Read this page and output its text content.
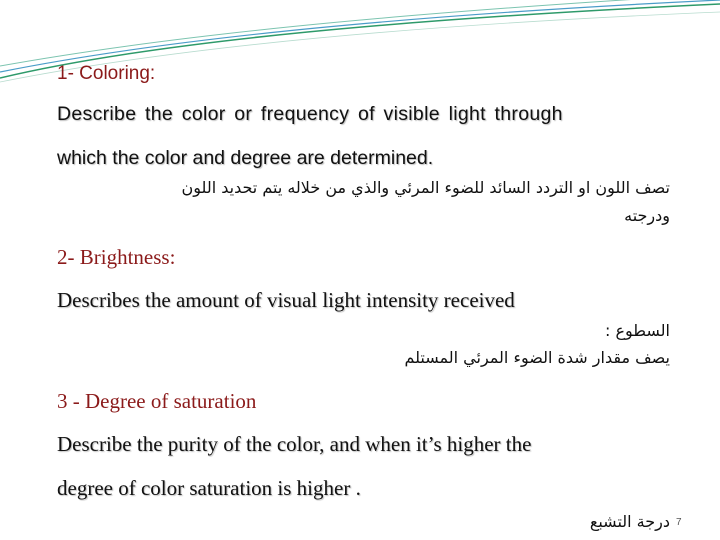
1- Coloring:
Describe the color or frequency of visible light through
which the color and degree are determined.
تصف اللون او التردد السائد للضوء المرئي والذي من خلاله يتم تحديد اللون
ودرجته
2- Brightness:
Describes the amount of visual light intensity received
السطوع :
يصف مقدار شدة الضوء المرئي المستلم
3 - Degree of saturation
Describe the purity of the color, and when it’s higher the
degree of color saturation is higher .
درجة التشبع 7
